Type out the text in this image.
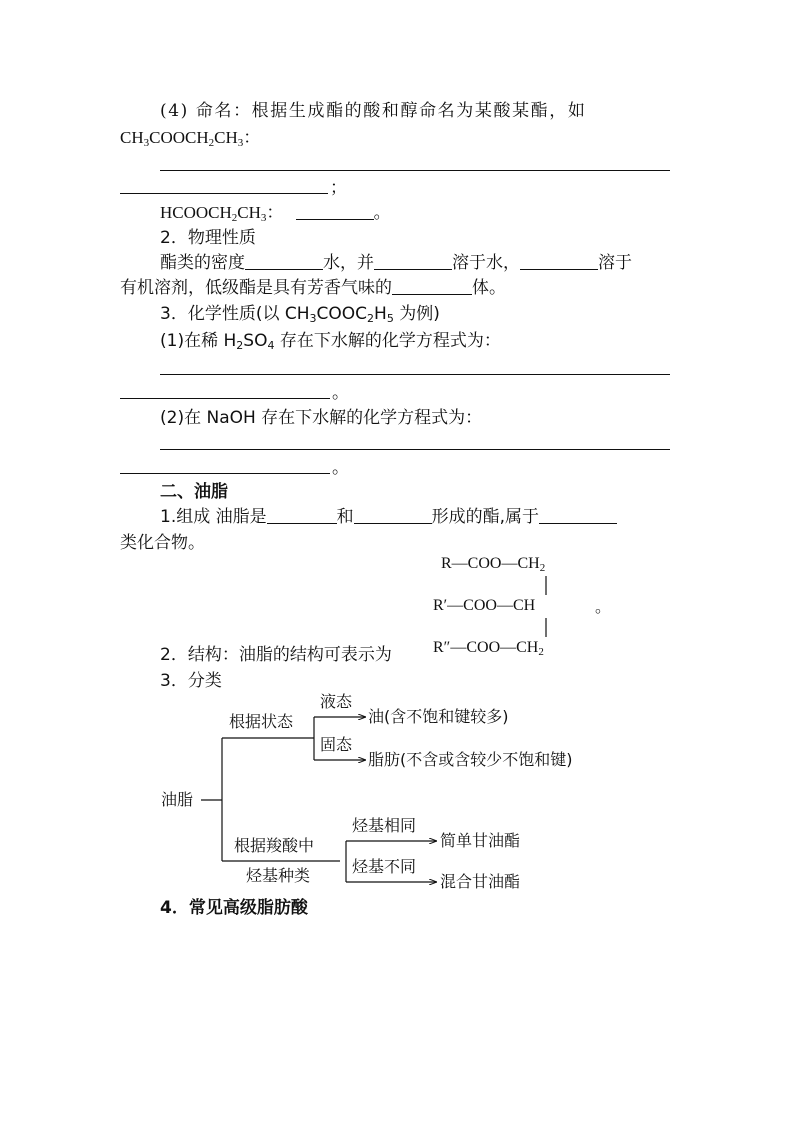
(4) 命名：根据生成酯的酸和醇命名为某酸某酯，如
$CH_3COOCH_2CH_3$：
；
$HCOOCH_2CH_3$：	。
2．物理性质
酯类的密度	水，并	溶于水，	溶于
有机溶剂，低级酯是具有芳香气味的	体。
3．化学性质(以 $CH_3COOC_2H_5$ 为例)
(1)在稀 $H_2SO_4$ 存在下水解的化学方程式为：
。
(2)在 NaOH 存在下水解的化学方程式为：
。
二、油脂
1.组成 油脂是	和	形成的酯,属于
类化合物。
$R—COO—CH_2$
R′—COO—CH	。
$R''—COO—CH_2$
2．结构：油脂的结构可表示为
3．分类
油脂
根据状态
液态
油(含不饱和键较多)
固态
脂肪(不含或含较少不饱和键)
根据羧酸中
烃基种类
烃基相同
简单甘油酯
烃基不同
混合甘油酯
4．常见高级脂肪酸
